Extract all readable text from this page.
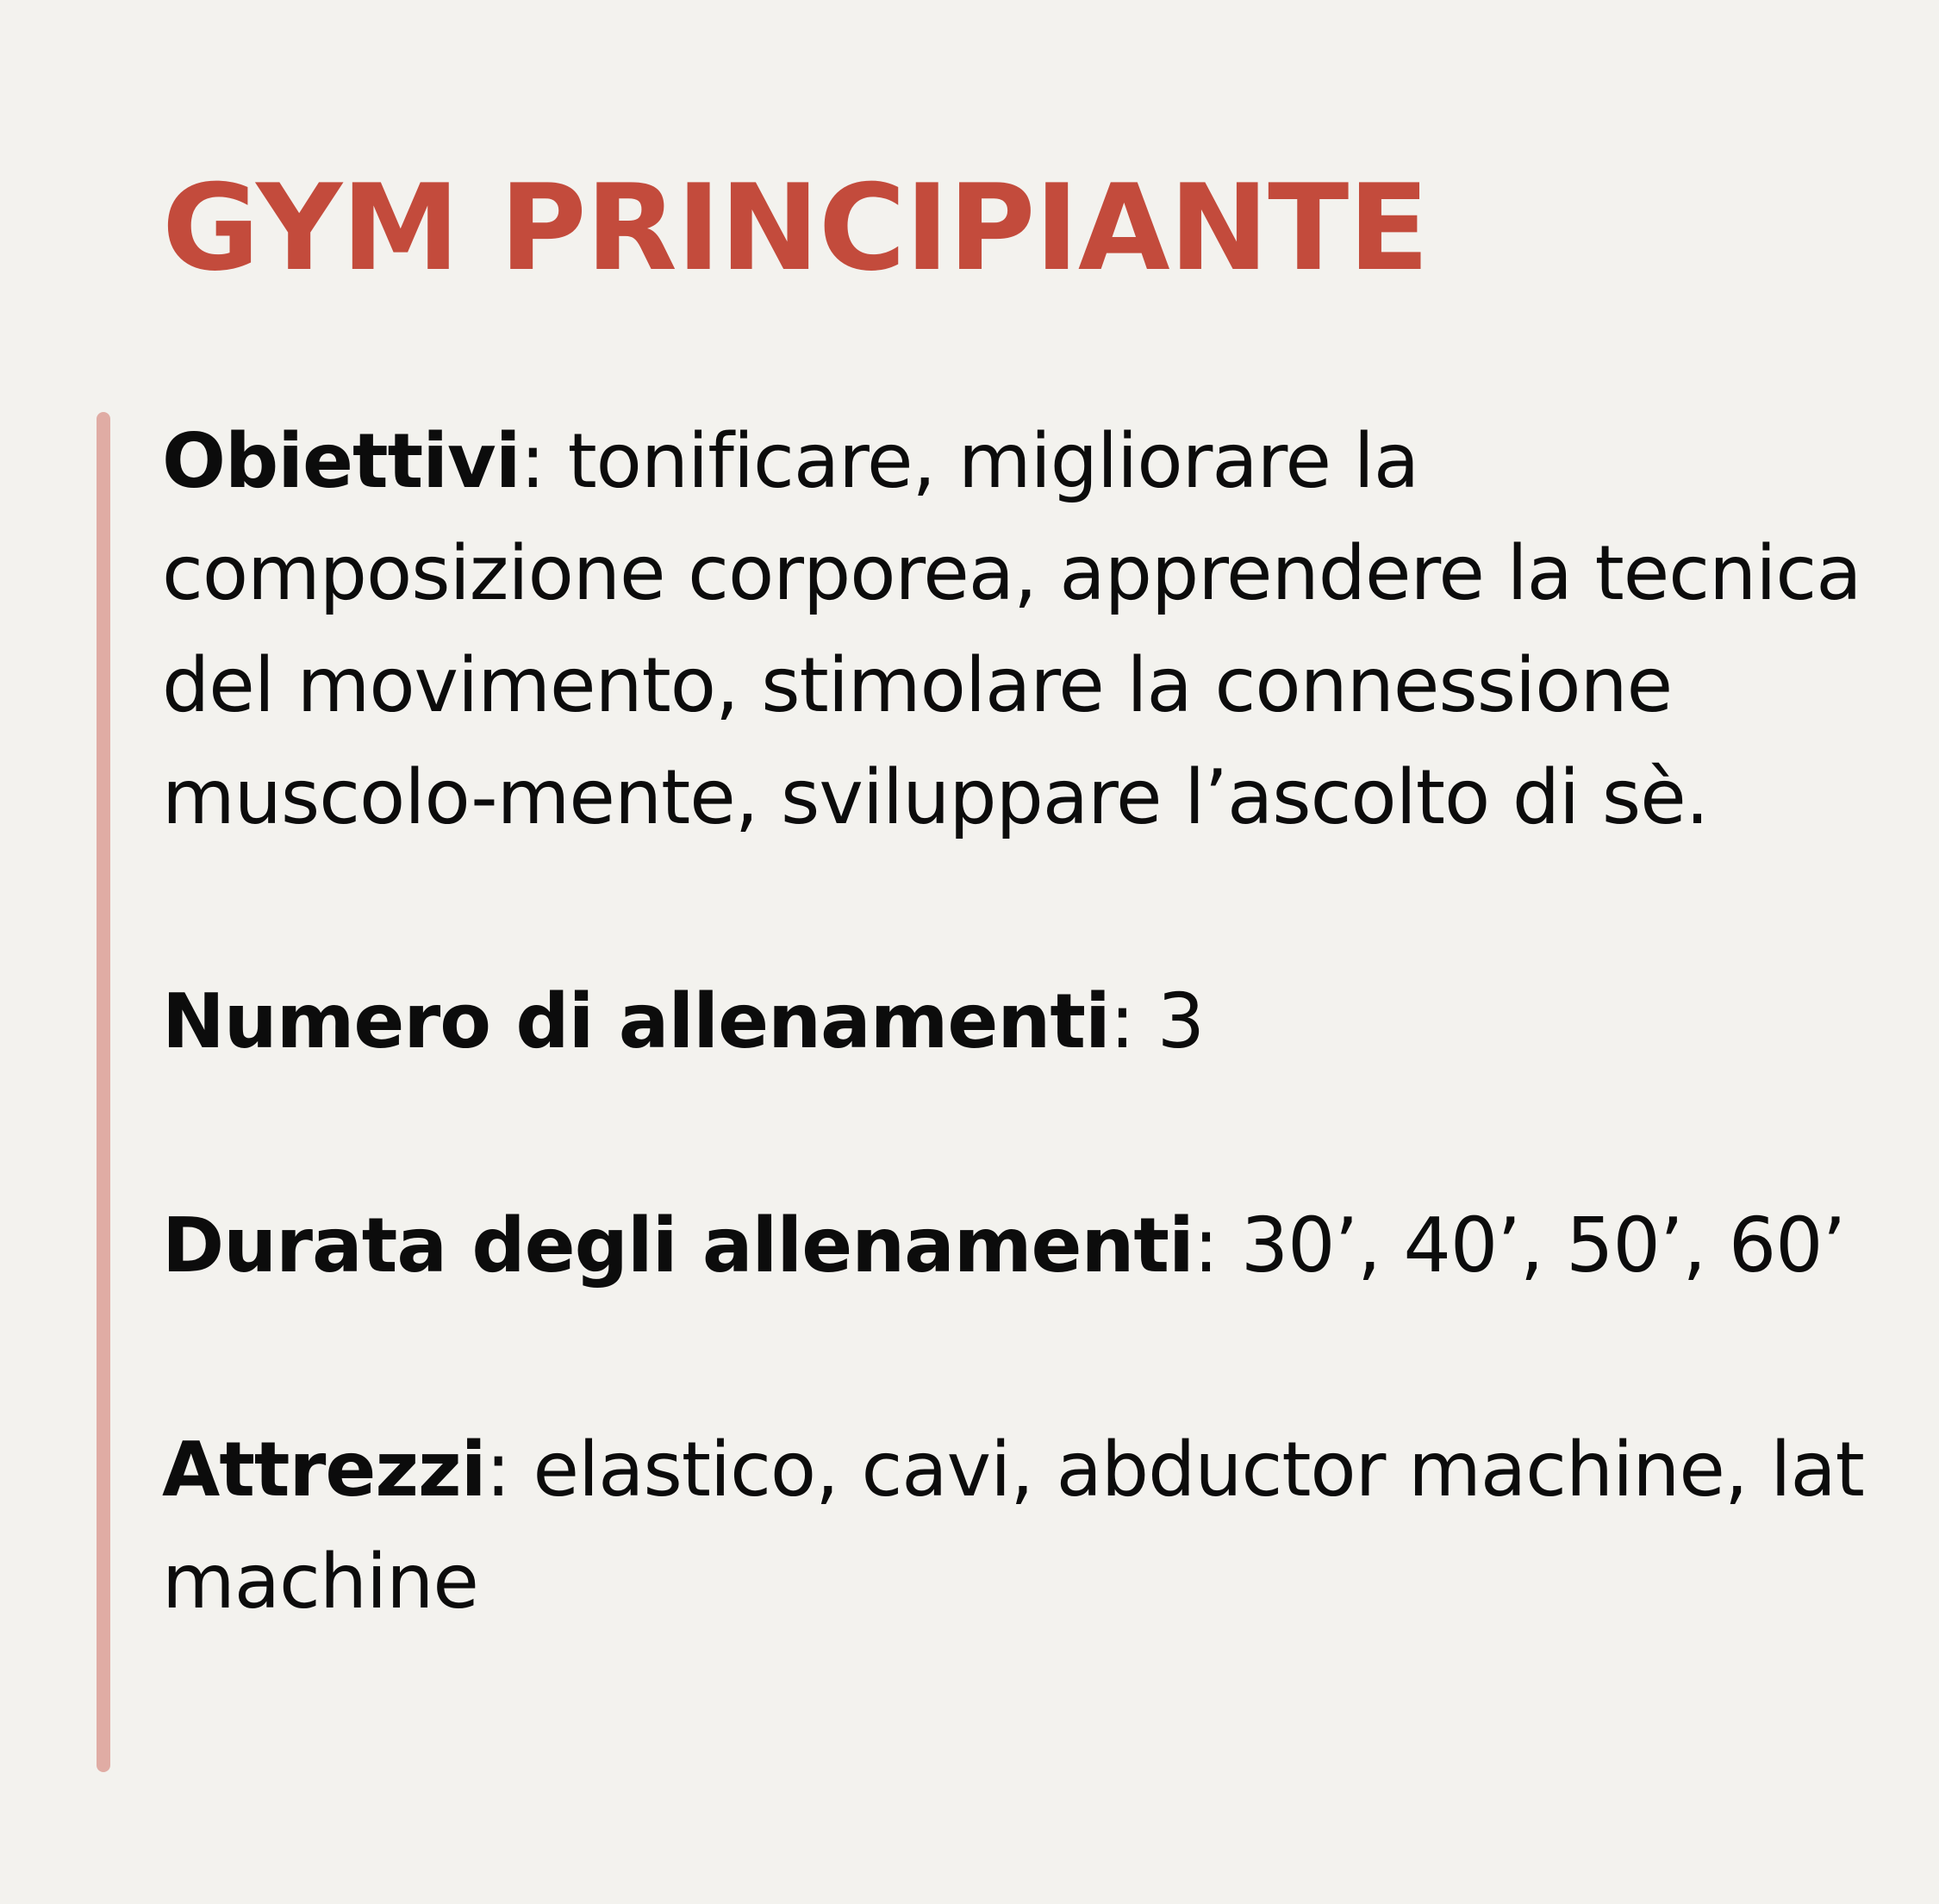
GYM PRINCIPIANTE

Obiettivi: tonificare, migliorare la composizione corporea, apprendere la tecnica del movimento, stimolare la connessione muscolo-mente, sviluppare l’ascolto di sè.

Numero di allenamenti: 3

Durata degli allenamenti: 30’, 40’, 50’, 60’

Attrezzi: elastico, cavi, abductor machine, lat machine
